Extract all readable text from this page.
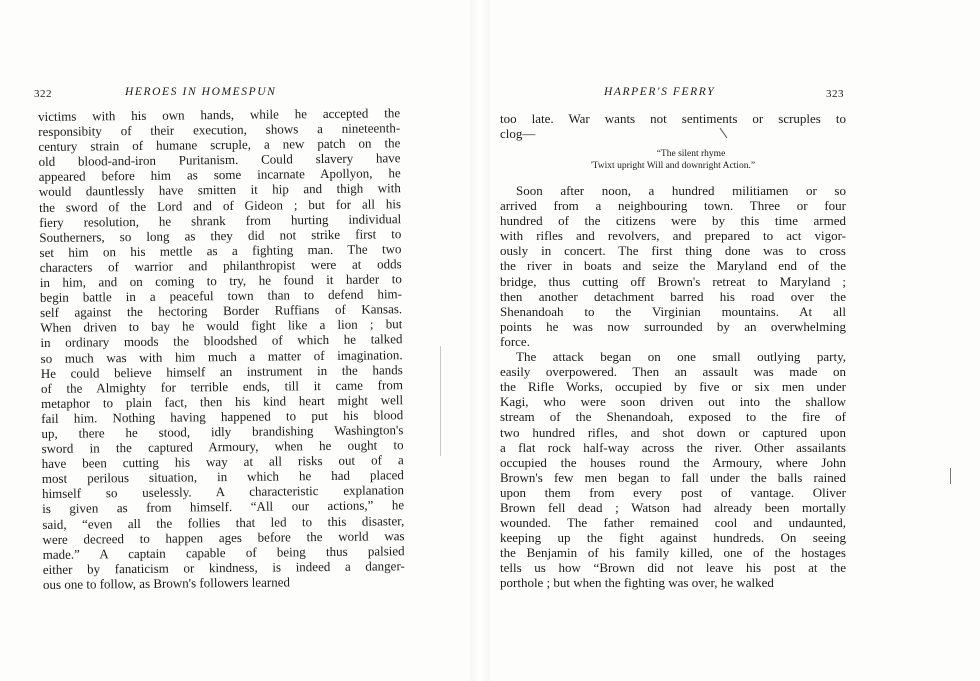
322	HEROES IN HOMESPUN	HARPER'S FERRY	323
victims with his own hands, while he accepted the
responsibity of their execution, shows a nineteenth-
century strain of humane scruple, a new patch on the
old blood-and-iron Puritanism. Could slavery have
appeared before him as some incarnate Apollyon, he
would dauntlessly have smitten it hip and thigh with
the sword of the Lord and of Gideon ; but for all his
fiery resolution, he shrank from hurting individual
Southerners, so long as they did not strike first to
set him on his mettle as a fighting man. The two
characters of warrior and philanthropist were at odds
in him, and on coming to try, he found it harder to
begin battle in a peaceful town than to defend him-
self against the hectoring Border Ruffians of Kansas.
When driven to bay he would fight like a lion ; but
in ordinary moods the bloodshed of which he talked
so much was with him much a matter of imagination.
He could believe himself an instrument in the hands
of the Almighty for terrible ends, till it came from
metaphor to plain fact, then his kind heart might well
fail him. Nothing having happened to put his blood
up, there he stood, idly brandishing Washington's
sword in the captured Armoury, when he ought to
have been cutting his way at all risks out of a
most perilous situation, in which he had placed
himself so uselessly. A characteristic explanation
is given as from himself. “All our actions,” he
said, “even all the follies that led to this disaster,
were decreed to happen ages before the world was
made.” A captain capable of being thus palsied
either by fanaticism or kindness, is indeed a danger-
ous one to follow, as Brown's followers learned
too late. War wants not sentiments or scruples to
clog—
“The silent rhyme
'Twixt upright Will and downright Action.”
Soon after noon, a hundred militiamen or so
arrived from a neighbouring town. Three or four
hundred of the citizens were by this time armed
with rifles and revolvers, and prepared to act vigor-
ously in concert. The first thing done was to cross
the river in boats and seize the Maryland end of the
bridge, thus cutting off Brown's retreat to Maryland ;
then another detachment barred his road over the
Shenandoah to the Virginian mountains. At all
points he was now surrounded by an overwhelming
force.
The attack began on one small outlying party,
easily overpowered. Then an assault was made on
the Rifle Works, occupied by five or six men under
Kagi, who were soon driven out into the shallow
stream of the Shenandoah, exposed to the fire of
two hundred rifles, and shot down or captured upon
a flat rock half-way across the river. Other assailants
occupied the houses round the Armoury, where John
Brown's few men began to fall under the balls rained
upon them from every post of vantage. Oliver
Brown fell dead ; Watson had already been mortally
wounded. The father remained cool and undaunted,
keeping up the fight against hundreds. On seeing
the Benjamin of his family killed, one of the hostages
tells us how “Brown did not leave his post at the
porthole ; but when the fighting was over, he walked
